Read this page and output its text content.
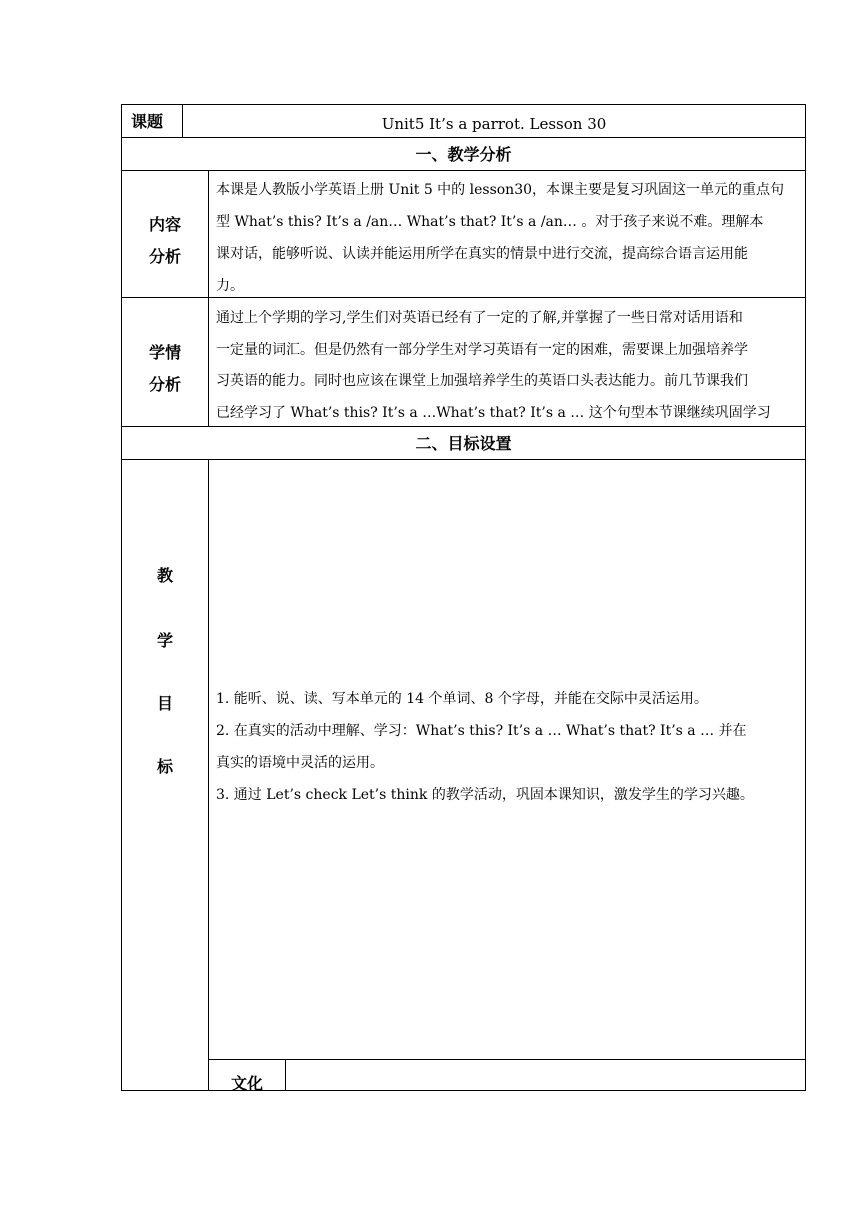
课题	Unit5 It’s a parrot. Lesson 30
一、教学分析
内容
分析
本课是人教版小学英语上册 Unit 5 中的 lesson30，本课主要是复习巩固这一单元的重点句
型 What’s this? It’s a /an… What’s that? It’s a /an… 。对于孩子来说不难。理解本
课对话，能够听说、认读并能运用所学在真实的情景中进行交流，提高综合语言运用能
力。
学情
分析
通过上个学期的学习,学生们对英语已经有了一定的了解,并掌握了一些日常对话用语和
一定量的词汇。但是仍然有一部分学生对学习英语有一定的困难，需要课上加强培养学
习英语的能力。同时也应该在课堂上加强培养学生的英语口头表达能力。前几节课我们
已经学习了 What’s this? It’s a …What’s that? It’s a … 这个句型本节课继续巩固学习
二、目标设置
教
学
目
标
1. 能听、说、读、写本单元的 14 个单词、8 个字母，并能在交际中灵活运用。
2. 在真实的活动中理解、学习：What’s this? It’s a … What’s that? It’s a … 并在
真实的语境中灵活的运用。
3. 通过 Let’s check Let’s think 的教学活动，巩固本课知识，激发学生的学习兴趣。
文化
